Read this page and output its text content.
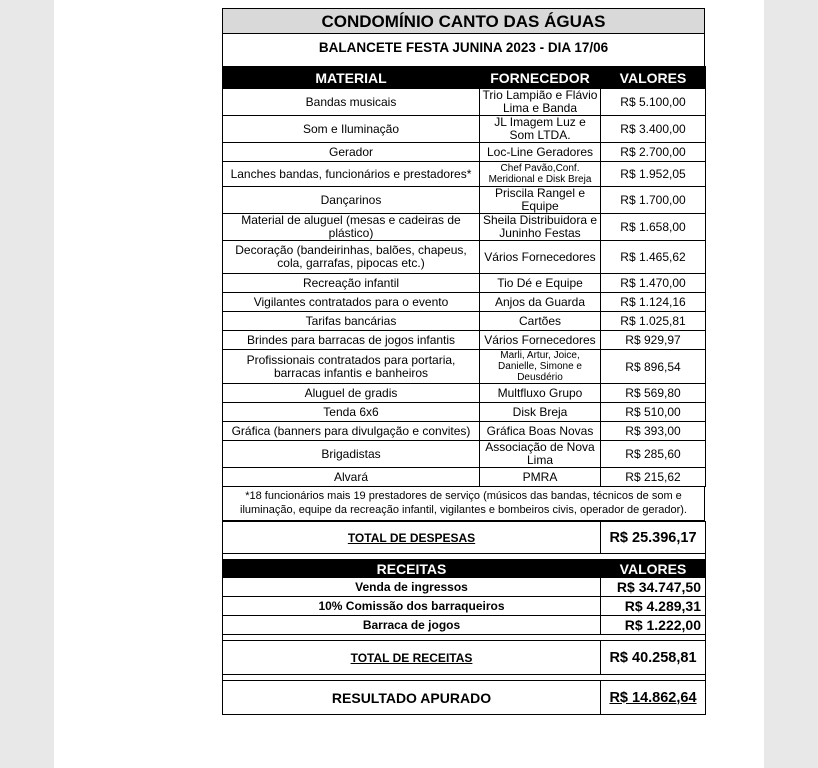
CONDOMÍNIO CANTO DAS ÁGUAS
BALANCETE FESTA JUNINA 2023 - DIA 17/06
MATERIAL	FORNECEDOR	VALORES
Bandas musicais	Trio Lampião e Flávio Lima e Banda	R$ 5.100,00
Som e Iluminação	JL Imagem Luz e Som LTDA.	R$ 3.400,00
Gerador	Loc-Line Geradores	R$ 2.700,00
Lanches bandas, funcionários e prestadores*	Chef Pavão,Conf. Meridional e Disk Breja	R$ 1.952,05
Dançarinos	Priscila Rangel e Equipe	R$ 1.700,00
Material de aluguel (mesas e cadeiras de plástico)	Sheila Distribuidora e Juninho Festas	R$ 1.658,00
Decoração (bandeirinhas, balões, chapeus, cola, garrafas, pipocas etc.)	Vários Fornecedores	R$ 1.465,62
Recreação infantil	Tio Dé e Equipe	R$ 1.470,00
Vigilantes contratados para o evento	Anjos da Guarda	R$ 1.124,16
Tarifas bancárias	Cartões	R$ 1.025,81
Brindes para barracas de jogos infantis	Vários Fornecedores	R$ 929,97
Profissionais contratados para portaria, barracas infantis e banheiros	Marli, Artur, Joice, Danielle, Simone e Deusdério	R$ 896,54
Aluguel de gradis	Multfluxo Grupo	R$ 569,80
Tenda 6x6	Disk Breja	R$ 510,00
Gráfica (banners para divulgação e convites)	Gráfica Boas Novas	R$ 393,00
Brigadistas	Associação de Nova Lima	R$ 285,60
Alvará	PMRA	R$ 215,62
*18 funcionários mais 19 prestadores de serviço (músicos das bandas, técnicos de som e iluminação, equipe da recreação infantil, vigilantes e bombeiros civis, operador de gerador).
TOTAL DE DESPESAS	R$ 25.396,17

RECEITAS	VALORES
Venda de ingressos	R$ 34.747,50
10% Comissão dos barraqueiros	R$ 4.289,31
Barraca de jogos	R$ 1.222,00

TOTAL DE RECEITAS	R$ 40.258,81

RESULTADO APURADO	R$ 14.862,64
